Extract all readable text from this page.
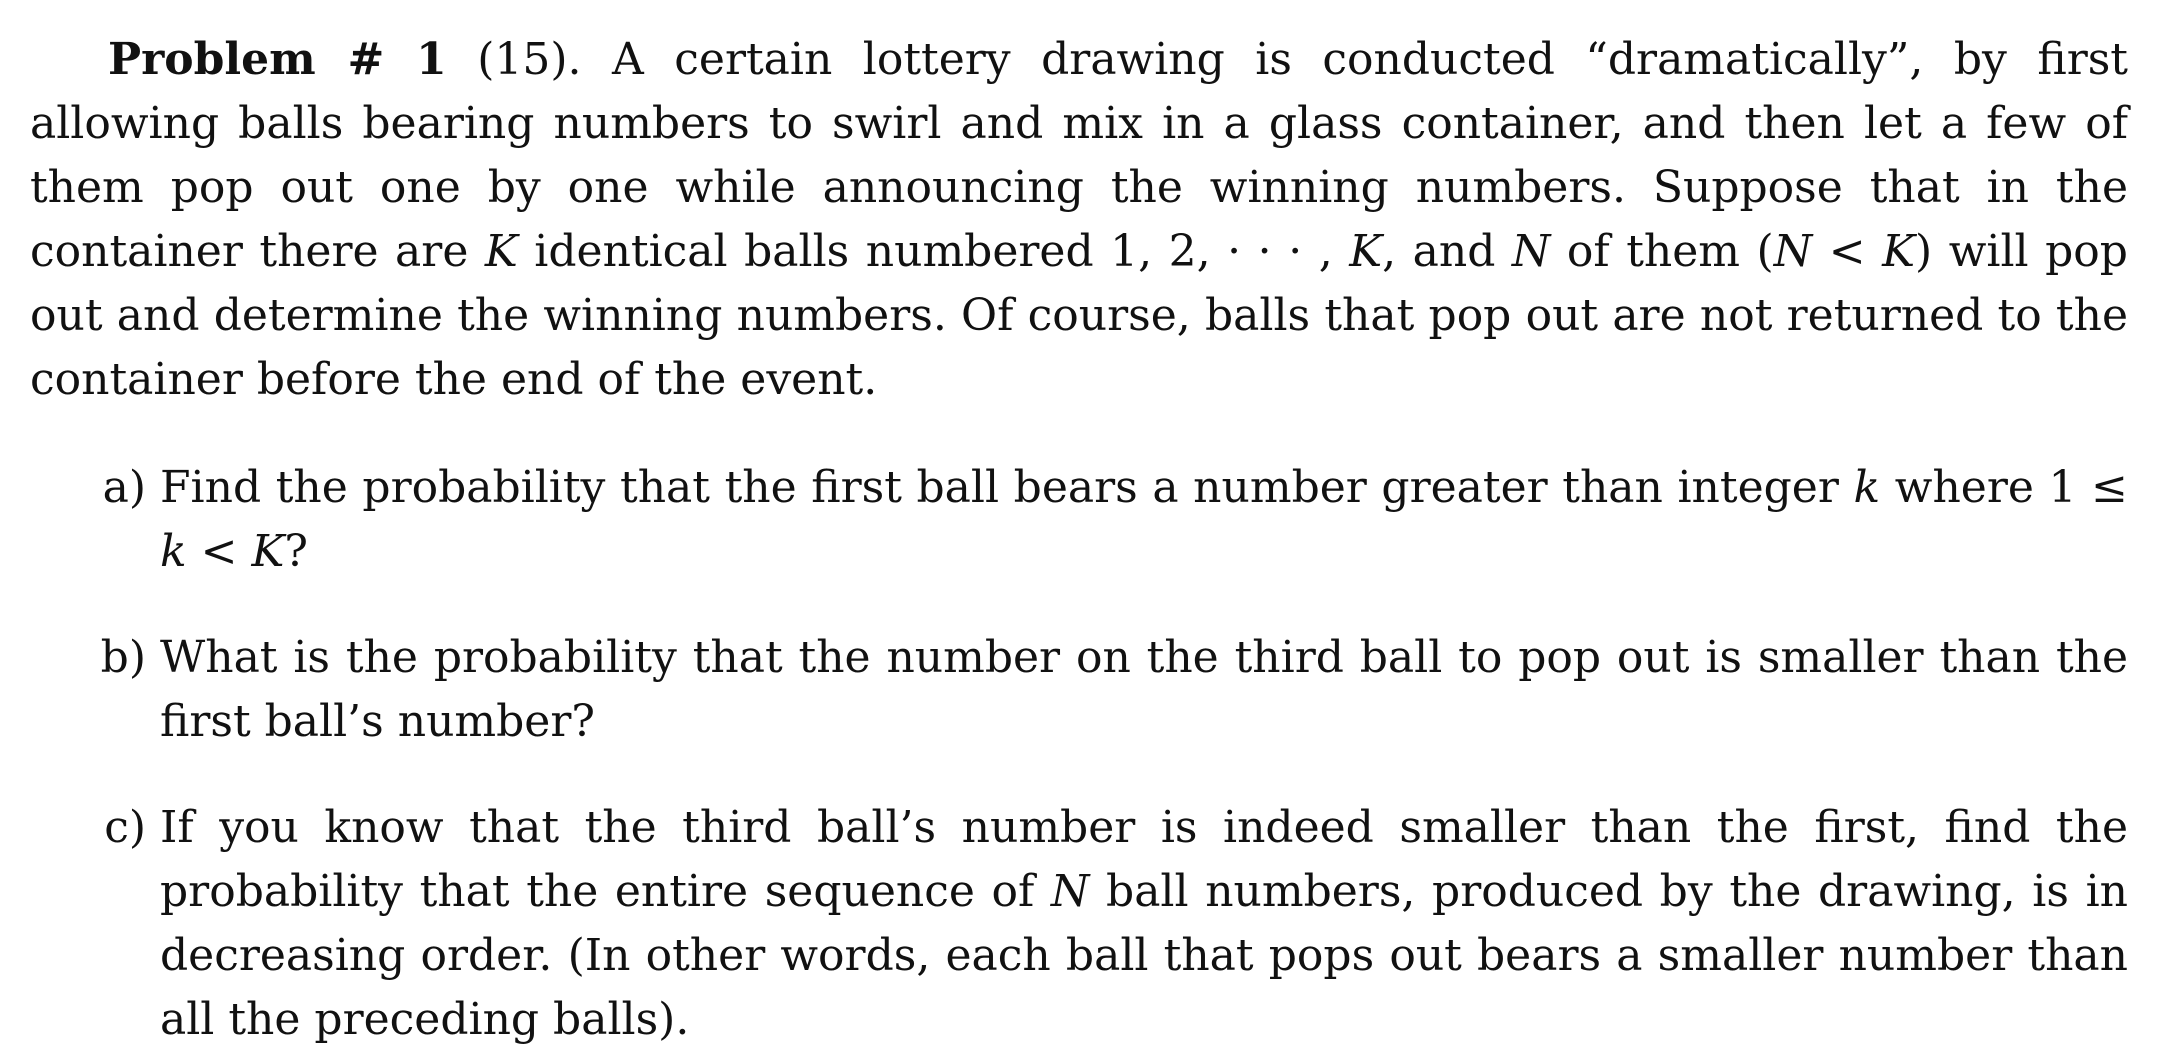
Problem # 1 (15). A certain lottery drawing is conducted “dramatically”, by first allowing balls bearing numbers to swirl and mix in a glass container, and then let a few of them pop out one by one while announcing the winning numbers. Suppose that in the container there are K identical balls numbered 1, 2, · · · , K, and N of them (N < K) will pop out and determine the winning numbers. Of course, balls that pop out are not returned to the container before the end of the event.

a) Find the probability that the first ball bears a number greater than integer k where 1 ≤ k < K?
b) What is the probability that the number on the third ball to pop out is smaller than the first ball’s number?
c) If you know that the third ball’s number is indeed smaller than the first, find the probability that the entire sequence of N ball numbers, produced by the drawing, is in decreasing order. (In other words, each ball that pops out bears a smaller number than all the preceding balls).
